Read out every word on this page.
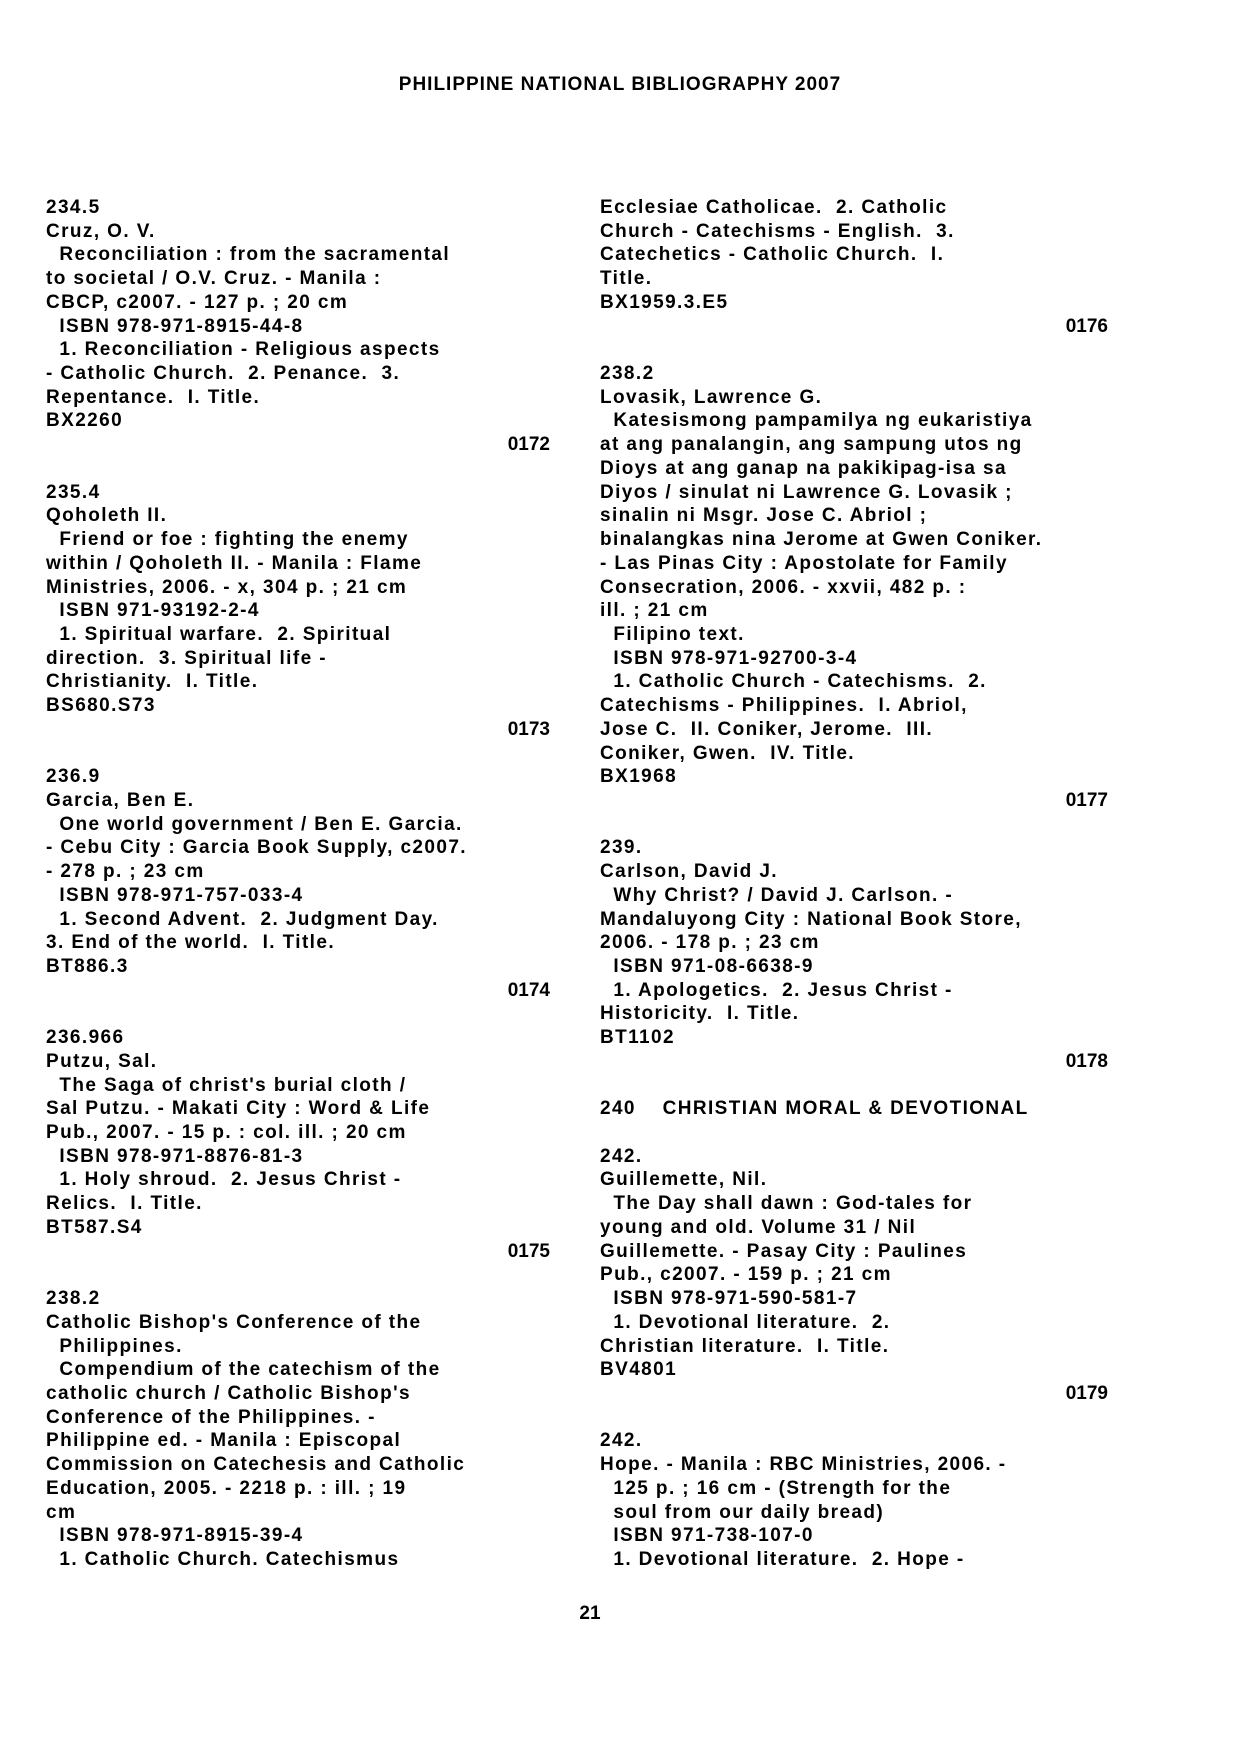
PHILIPPINE NATIONAL BIBLIOGRAPHY 2007
234.5
Cruz, O. V.
Reconciliation : from the sacramental
to societal / O.V. Cruz. - Manila :
CBCP, c2007. - 127 p. ; 20 cm
ISBN 978-971-8915-44-8
1. Reconciliation - Religious aspects
- Catholic Church.  2. Penance.  3.
Repentance.  I. Title.
BX2260
0172
235.4
Qoholeth II.
Friend or foe : fighting the enemy
within / Qoholeth II. - Manila : Flame
Ministries, 2006. - x, 304 p. ; 21 cm
ISBN 971-93192-2-4
1. Spiritual warfare.  2. Spiritual
direction.  3. Spiritual life -
Christianity.  I. Title.
BS680.S73
0173
236.9
Garcia, Ben E.
One world government / Ben E. Garcia.
- Cebu City : Garcia Book Supply, c2007.
- 278 p. ; 23 cm
ISBN 978-971-757-033-4
1. Second Advent.  2. Judgment Day.
3. End of the world.  I. Title.
BT886.3
0174
236.966
Putzu, Sal.
The Saga of christ's burial cloth /
Sal Putzu. - Makati City : Word & Life
Pub., 2007. - 15 p. : col. ill. ; 20 cm
ISBN 978-971-8876-81-3
1. Holy shroud.  2. Jesus Christ -
Relics.  I. Title.
BT587.S4
0175
238.2
Catholic Bishop's Conference of the
Philippines.
Compendium of the catechism of the
catholic church / Catholic Bishop's
Conference of the Philippines. -
Philippine ed. - Manila : Episcopal
Commission on Catechesis and Catholic
Education, 2005. - 2218 p. : ill. ; 19
cm
ISBN 978-971-8915-39-4
1. Catholic Church. Catechismus
Ecclesiae Catholicae.  2. Catholic
Church - Catechisms - English.  3.
Catechetics - Catholic Church.  I.
Title.
BX1959.3.E5
0176
238.2
Lovasik, Lawrence G.
Katesismong pampamilya ng eukaristiya
at ang panalangin, ang sampung utos ng
Dioys at ang ganap na pakikipag-isa sa
Diyos / sinulat ni Lawrence G. Lovasik ;
sinalin ni Msgr. Jose C. Abriol ;
binalangkas nina Jerome at Gwen Coniker.
- Las Pinas City : Apostolate for Family
Consecration, 2006. - xxvii, 482 p. :
ill. ; 21 cm
Filipino text.
ISBN 978-971-92700-3-4
1. Catholic Church - Catechisms.  2.
Catechisms - Philippines.  I. Abriol,
Jose C.  II. Coniker, Jerome.  III.
Coniker, Gwen.  IV. Title.
BX1968
0177
239.
Carlson, David J.
Why Christ? / David J. Carlson. -
Mandaluyong City : National Book Store,
2006. - 178 p. ; 23 cm
ISBN 971-08-6638-9
1. Apologetics.  2. Jesus Christ -
Historicity.  I. Title.
BT1102
0178
240    CHRISTIAN MORAL & DEVOTIONAL
242.
Guillemette, Nil.
The Day shall dawn : God-tales for
young and old. Volume 31 / Nil
Guillemette. - Pasay City : Paulines
Pub., c2007. - 159 p. ; 21 cm
ISBN 978-971-590-581-7
1. Devotional literature.  2.
Christian literature.  I. Title.
BV4801
0179
242.
Hope. - Manila : RBC Ministries, 2006. -
125 p. ; 16 cm - (Strength for the
soul from our daily bread)
ISBN 971-738-107-0
1. Devotional literature.  2. Hope -
21
